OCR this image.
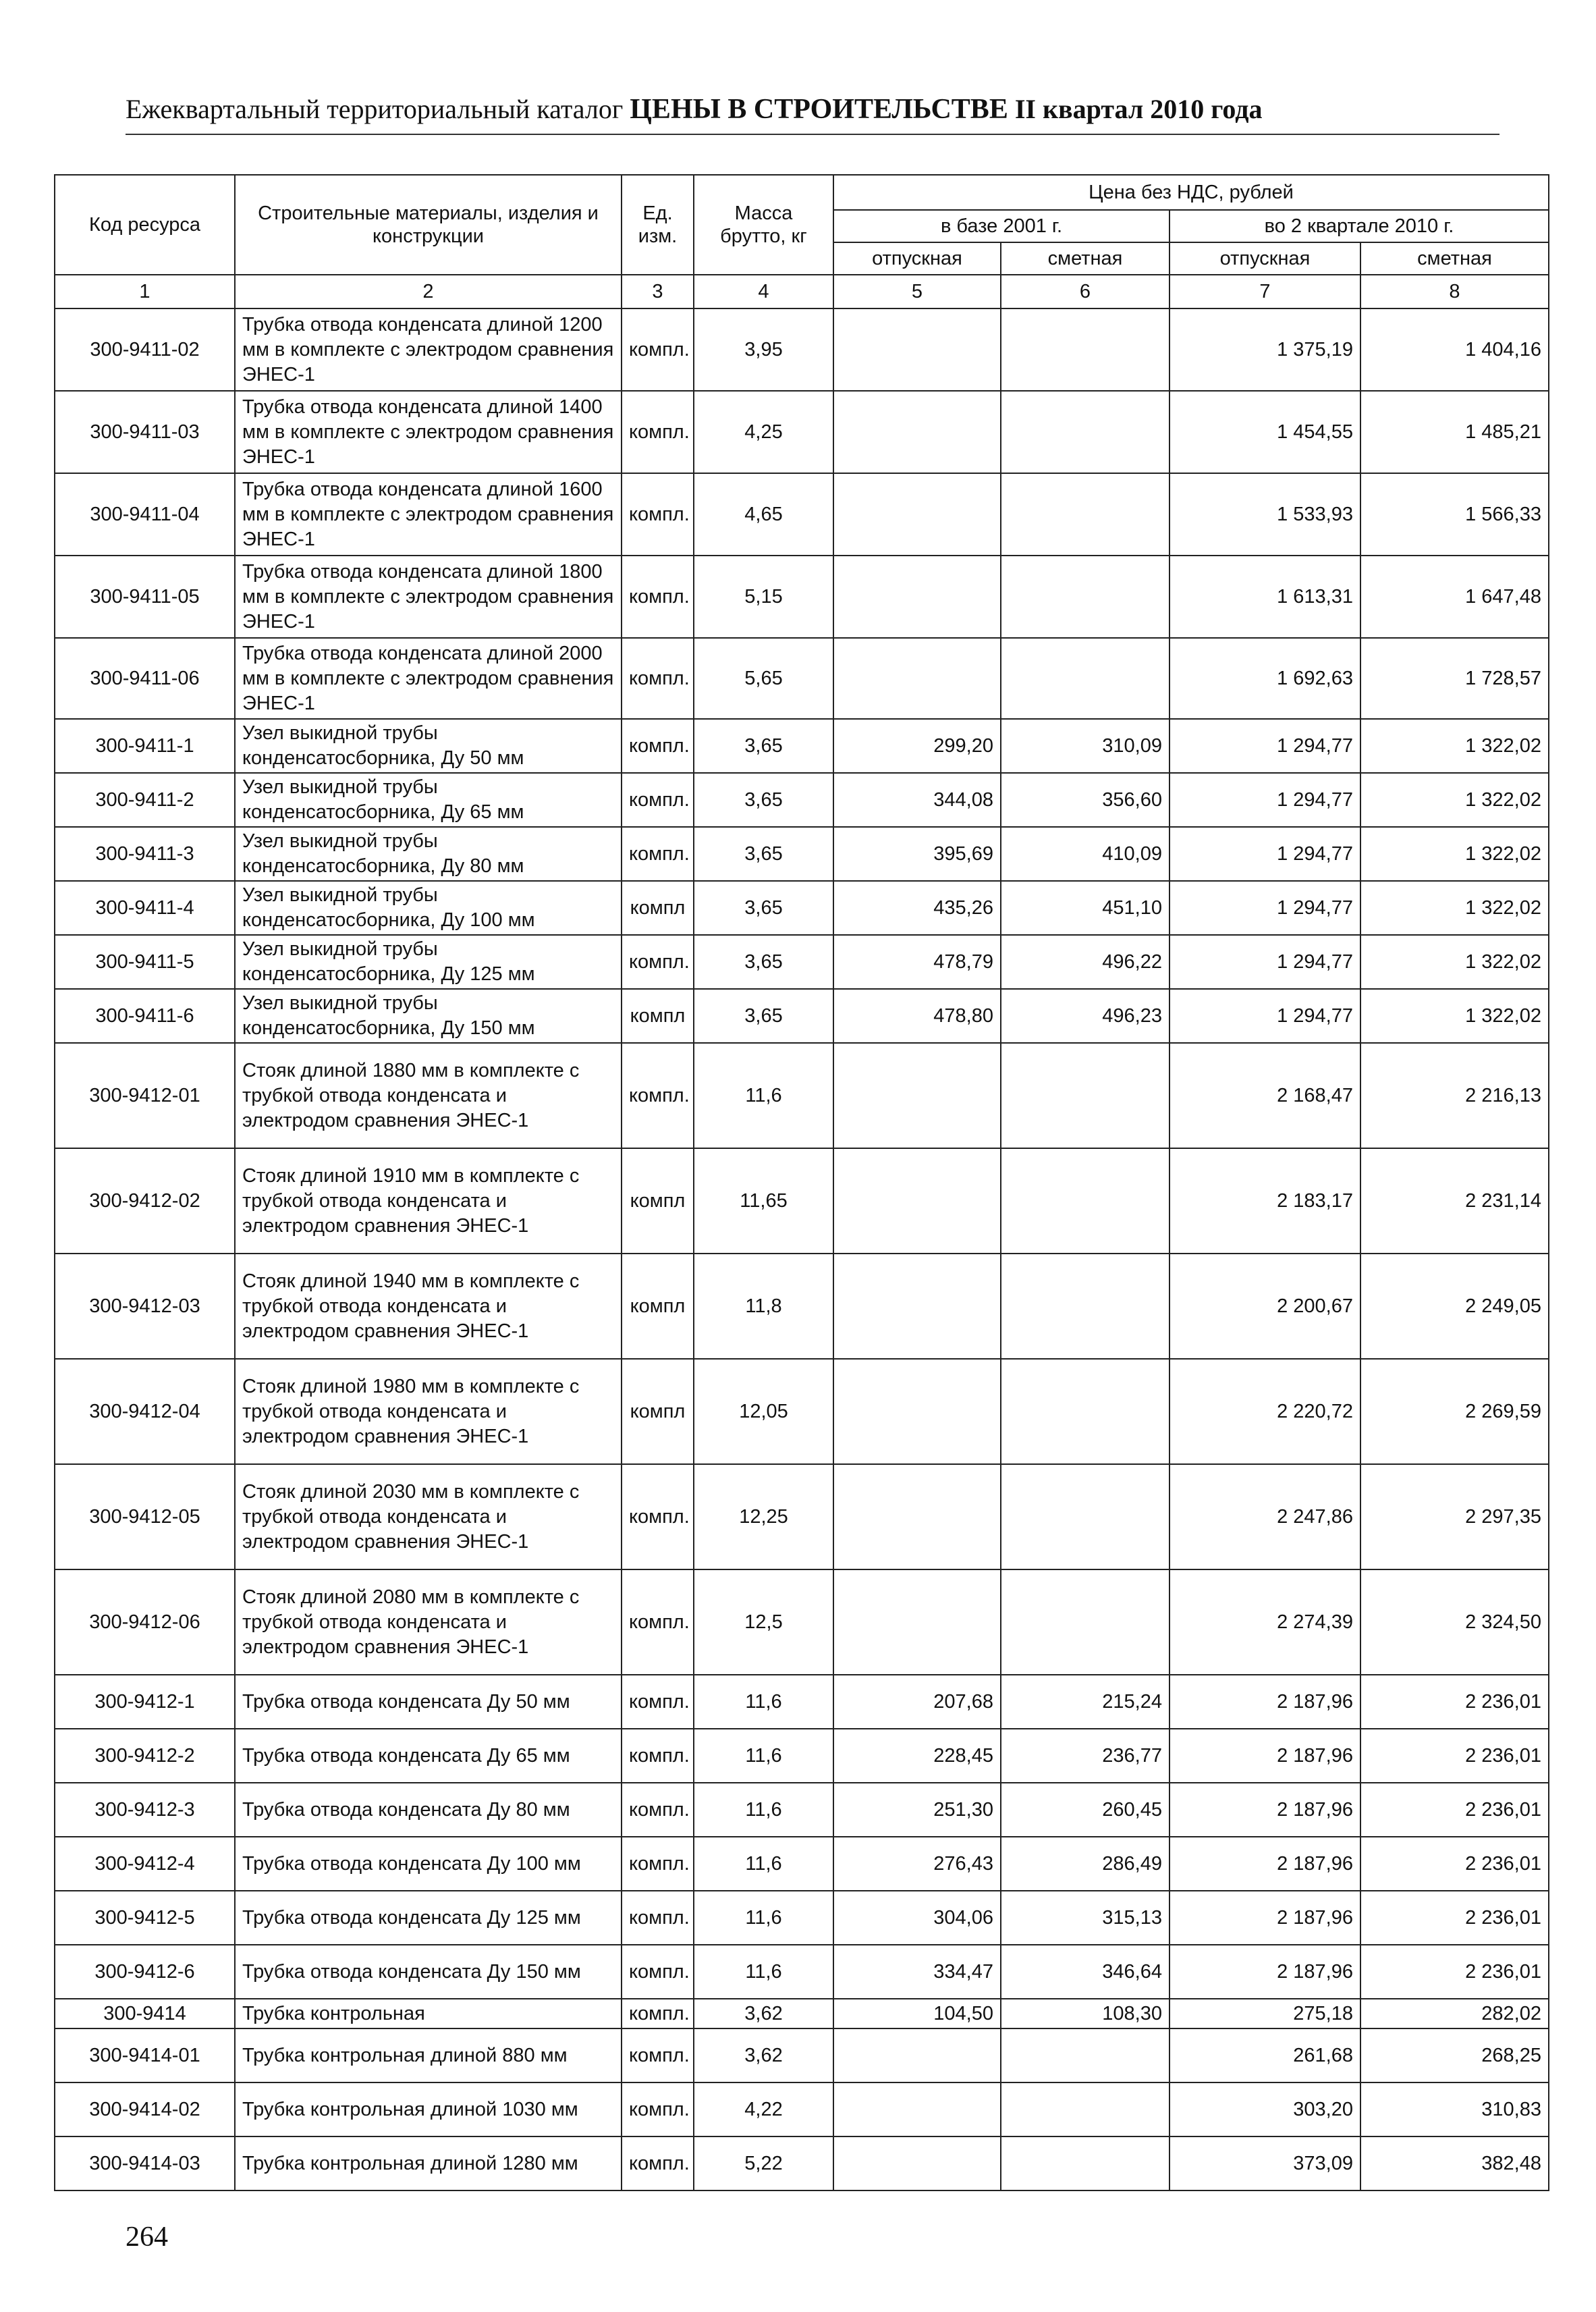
Ежеквартальный территориальный каталог ЦЕНЫ В СТРОИТЕЛЬСТВЕ II квартал 2010 года
Код ресурса	Строительные материалы, изделия и конструкции	Ед. изм.	Масса брутто, кг	Цена без НДС, рублей			
				в базе 2001 г.		во 2 квартале 2010 г.	
				отпускная	сметная	отпускная	сметная
1	2	3	4	5	6	7	8
300-9411-02	Трубка отвода конденсата длиной 1200 мм в комплекте с электродом сравнения ЭНЕС-1	компл.	3,95			1 375,19	1 404,16
300-9411-03	Трубка отвода конденсата длиной 1400 мм в комплекте с электродом сравнения ЭНЕС-1	компл.	4,25			1 454,55	1 485,21
300-9411-04	Трубка отвода конденсата длиной 1600 мм в комплекте с электродом сравнения ЭНЕС-1	компл.	4,65			1 533,93	1 566,33
300-9411-05	Трубка отвода конденсата длиной 1800 мм в комплекте с электродом сравнения ЭНЕС-1	компл.	5,15			1 613,31	1 647,48
300-9411-06	Трубка отвода конденсата длиной 2000 мм в комплекте с электродом сравнения ЭНЕС-1	компл.	5,65			1 692,63	1 728,57
300-9411-1	Узел выкидной трубы конденсатосборника, Ду 50 мм	компл.	3,65	299,20	310,09	1 294,77	1 322,02
300-9411-2	Узел выкидной трубы конденсатосборника, Ду 65 мм	компл.	3,65	344,08	356,60	1 294,77	1 322,02
300-9411-3	Узел выкидной трубы конденсатосборника, Ду 80 мм	компл.	3,65	395,69	410,09	1 294,77	1 322,02
300-9411-4	Узел выкидной трубы конденсатосборника, Ду 100 мм	компл	3,65	435,26	451,10	1 294,77	1 322,02
300-9411-5	Узел выкидной трубы конденсатосборника, Ду 125 мм	компл.	3,65	478,79	496,22	1 294,77	1 322,02
300-9411-6	Узел выкидной трубы конденсатосборника, Ду 150 мм	компл	3,65	478,80	496,23	1 294,77	1 322,02
300-9412-01	Стояк длиной 1880 мм в комплекте с трубкой отвода конденсата и электродом сравнения ЭНЕС-1	компл.	11,6			2 168,47	2 216,13
300-9412-02	Стояк длиной 1910 мм в комплекте с трубкой отвода конденсата и электродом сравнения ЭНЕС-1	компл	11,65			2 183,17	2 231,14
300-9412-03	Стояк длиной 1940 мм в комплекте с трубкой отвода конденсата и электродом сравнения ЭНЕС-1	компл	11,8			2 200,67	2 249,05
300-9412-04	Стояк длиной 1980 мм в комплекте с трубкой отвода конденсата и электродом сравнения ЭНЕС-1	компл	12,05			2 220,72	2 269,59
300-9412-05	Стояк длиной 2030 мм в комплекте с трубкой отвода конденсата и электродом сравнения ЭНЕС-1	компл.	12,25			2 247,86	2 297,35
300-9412-06	Стояк длиной 2080 мм в комплекте с трубкой отвода конденсата и электродом сравнения ЭНЕС-1	компл.	12,5			2 274,39	2 324,50
300-9412-1	Трубка отвода конденсата Ду 50 мм	компл.	11,6	207,68	215,24	2 187,96	2 236,01
300-9412-2	Трубка отвода конденсата Ду 65 мм	компл.	11,6	228,45	236,77	2 187,96	2 236,01
300-9412-3	Трубка отвода конденсата Ду 80 мм	компл.	11,6	251,30	260,45	2 187,96	2 236,01
300-9412-4	Трубка отвода конденсата Ду 100 мм	компл.	11,6	276,43	286,49	2 187,96	2 236,01
300-9412-5	Трубка отвода конденсата Ду 125 мм	компл.	11,6	304,06	315,13	2 187,96	2 236,01
300-9412-6	Трубка отвода конденсата Ду 150 мм	компл.	11,6	334,47	346,64	2 187,96	2 236,01
300-9414	Трубка контрольная	компл.	3,62	104,50	108,30	275,18	282,02
300-9414-01	Трубка контрольная длиной 880 мм	компл.	3,62			261,68	268,25
300-9414-02	Трубка контрольная длиной 1030 мм	компл.	4,22			303,20	310,83
300-9414-03	Трубка контрольная длиной 1280 мм	компл.	5,22			373,09	382,48
264
